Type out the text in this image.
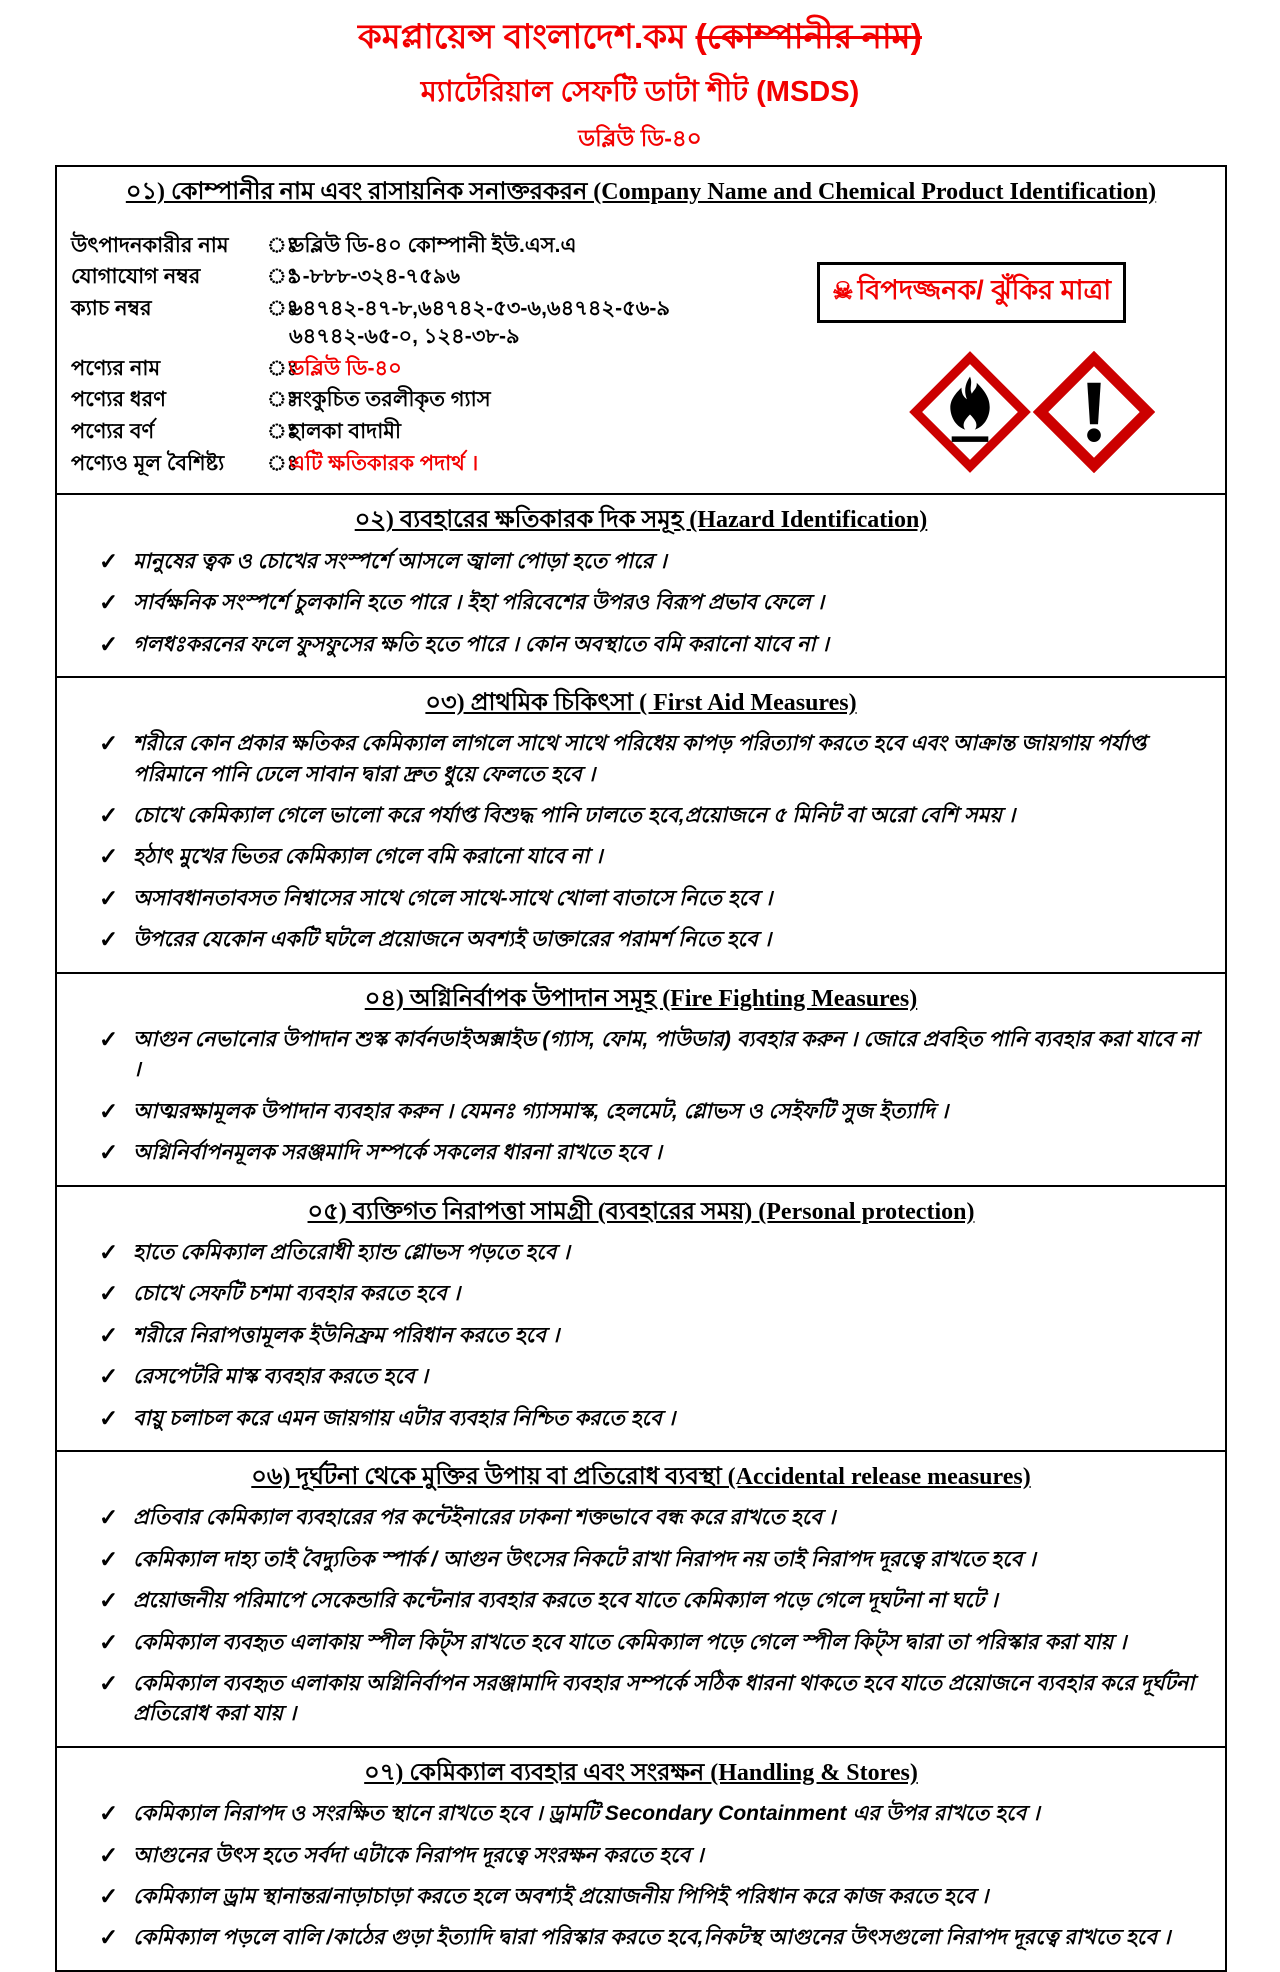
কমপ্লায়েন্স বাংলাদেশ.কম (কোম্পানীর নাম)
ম্যাটেরিয়াল সেফটি ডাটা শীট (MSDS)
ডব্লিউ ডি-৪০
০১) কোম্পানীর নাম এবং রাসায়নিক সনাক্তরকরন (Company Name and Chemical Product Identification)
উৎপাদনকারীর নাম	ঃ
ডব্লিউ ডি-৪০ কোম্পানী ইউ.এস.এ
যোগাযোগ নম্বর	ঃ
১-৮৮৮-৩২৪-৭৫৯৬
ক্যাচ নম্বর	ঃ
৬৪৭৪২-৪৭-৮,৬৪৭৪২-৫৩-৬,৬৪৭৪২-৫৬-৯
৬৪৭৪২-৬৫-০, ১২৪-৩৮-৯
পণ্যের নাম	ঃ
ডব্লিউ ডি-৪০
পণ্যের ধরণ	ঃ
সংকুচিত তরলীকৃত গ্যাস
পণ্যের বর্ণ	ঃ
হালকা বাদামী
পণ্যেও মূল বৈশিষ্ট্য	ঃ
এটি ক্ষতিকারক পদার্থ ।
☠ বিপদজ্জনক/ ঝুঁকির মাত্রা
০২) ব্যবহারের ক্ষতিকারক দিক সমূহ (Hazard Identification)
✓ মানুষের ত্বক ও চোখের সংস্পর্শে আসলে জ্বালা পোড়া হতে পারে ।
✓ সার্বক্ষনিক সংস্পর্শে চুলকানি হতে পারে । ইহা পরিবেশের উপরও বিরূপ প্রভাব ফেলে ।
✓ গলধঃকরনের ফলে ফুসফুসের ক্ষতি হতে পারে । কোন অবস্থাতে বমি করানো যাবে না ।
০৩) প্রাথমিক চিকিৎসা ( First Aid Measures)
✓ শরীরে কোন প্রকার ক্ষতিকর কেমিক্যাল লাগলে সাথে সাথে পরিধেয় কাপড় পরিত্যাগ করতে হবে এবং আক্রান্ত জায়গায় পর্যাপ্ত পরিমানে পানি ঢেলে সাবান দ্বারা দ্রুত ধুয়ে ফেলতে হবে ।
✓ চোখে কেমিক্যাল গেলে ভালো করে পর্যাপ্ত বিশুদ্ধ পানি ঢালতে হবে,প্রয়োজনে ৫ মিনিট বা অরো বেশি সময় ।
✓ হঠাৎ মুখের ভিতর কেমিক্যাল গেলে বমি করানো যাবে না ।
✓ অসাবধানতাবসত নিশ্বাসের সাথে গেলে সাথে-সাথে খোলা বাতাসে নিতে হবে ।
✓ উপরের যেকোন একটি ঘটলে প্রয়োজনে অবশ্যই ডাক্তারের পরামর্শ নিতে হবে ।
০৪) অগ্নিনির্বাপক উপাদান সমূহ (Fire Fighting Measures)
✓ আগুন নেভানোর উপাদান শুস্ক কার্বনডাইঅক্সাইড (গ্যাস, ফোম, পাউডার) ব্যবহার করুন । জোরে প্রবহিত পানি ব্যবহার করা যাবে না ।
✓ আত্মরক্ষামূলক উপাদান ব্যবহার করুন । যেমনঃ গ্যাসমাস্ক, হেলমেট, গ্লোভস ও সেইফটি সুজ ইত্যাদি ।
✓ অগ্নিনির্বাপনমূলক সরঞ্জমাদি সম্পর্কে সকলের ধারনা রাখতে হবে ।
০৫) ব্যক্তিগত নিরাপত্তা সামগ্রী (ব্যবহারের সময়) (Personal protection)
✓ হাতে কেমিক্যাল প্রতিরোধী হ্যান্ড গ্লোভস পড়তে হবে ।
✓ চোখে সেফটি চশমা ব্যবহার করতে হবে ।
✓ শরীরে নিরাপত্তামূলক ইউনিফ্রম পরিধান করতে হবে ।
✓ রেসপেটরি মাস্ক ব্যবহার করতে হবে ।
✓ বায়ু চলাচল করে এমন জায়গায় এটার ব্যবহার নিশ্চিত করতে হবে ।
০৬) দূর্ঘটনা থেকে মুক্তির উপায় বা প্রতিরোধ ব্যবস্থা (Accidental release measures)
✓ প্রতিবার কেমিক্যাল ব্যবহারের পর কন্টেইনারের ঢাকনা শক্তভাবে বন্ধ করে রাখতে হবে ।
✓ কেমিক্যাল দাহ্য তাই বৈদ্যুতিক স্পার্ক / আগুন উৎসের নিকটে রাখা নিরাপদ নয় তাই নিরাপদ দূরত্বে রাখতে হবে ।
✓ প্রয়োজনীয় পরিমাপে সেকেন্ডারি কন্টেনার ব্যবহার করতে হবে যাতে কেমিক্যাল পড়ে গেলে দূঘটনা না ঘটে ।
✓ কেমিক্যাল ব্যবহৃত এলাকায় স্পীল কিট্স রাখতে হবে যাতে কেমিক্যাল পড়ে গেলে স্পীল কিট্স দ্বারা তা পরিস্কার করা যায় ।
✓ কেমিক্যাল ব্যবহৃত এলাকায় অগ্নিনির্বাপন সরঞ্জামাদি ব্যবহার সম্পর্কে সঠিক ধারনা থাকতে হবে যাতে প্রয়োজনে ব্যবহার করে দূর্ঘটনা প্রতিরোধ করা যায় ।
০৭) কেমিক্যাল ব্যবহার এবং সংরক্ষন (Handling & Stores)
✓ কেমিক্যাল নিরাপদ ও সংরক্ষিত স্থানে রাখতে হবে । ড্রামটি Secondary Containment এর উপর রাখতে হবে ।
✓ আগুনের উৎস হতে সর্বদা এটাকে নিরাপদ দূরত্বে সংরক্ষন করতে হবে ।
✓ কেমিক্যাল ড্রাম স্থানান্তর/নাড়াচাড়া করতে হলে অবশ্যই প্রয়োজনীয় পিপিই পরিধান করে কাজ করতে হবে ।
✓ কেমিক্যাল পড়লে বালি /কাঠের গুড়া ইত্যাদি দ্বারা পরিস্কার করতে হবে,নিকটস্থ আগুনের উৎসগুলো নিরাপদ দূরত্বে রাখতে হবে ।
